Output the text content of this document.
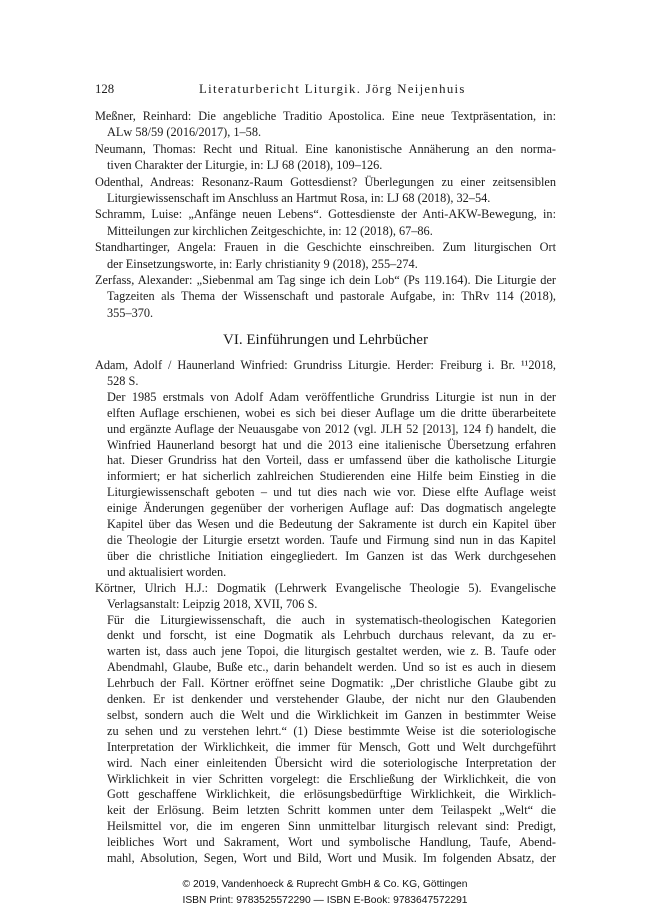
128	Literaturbericht Liturgik. Jörg Neijenhuis
Meßner, Reinhard: Die angebliche Traditio Apostolica. Eine neue Textpräsentation, in:
ALw 58/59 (2016/2017), 1–58.
Neumann, Thomas: Recht und Ritual. Eine kanonistische Annäherung an den norma-
tiven Charakter der Liturgie, in: LJ 68 (2018), 109–126.
Odenthal, Andreas: Resonanz-Raum Gottesdienst? Überlegungen zu einer zeitsensiblen
Liturgiewissenschaft im Anschluss an Hartmut Rosa, in: LJ 68 (2018), 32–54.
Schramm, Luise: „Anfänge neuen Lebens“. Gottesdienste der Anti-AKW-Bewegung, in:
Mitteilungen zur kirchlichen Zeitgeschichte, in: 12 (2018), 67–86.
Standhartinger, Angela: Frauen in die Geschichte einschreiben. Zum liturgischen Ort
der Einsetzungsworte, in: Early christianity 9 (2018), 255–274.
Zerfass, Alexander: „Siebenmal am Tag singe ich dein Lob“ (Ps 119.164). Die Liturgie der
Tagzeiten als Thema der Wissenschaft und pastorale Aufgabe, in: ThRv 114 (2018),
355–370.
VI. Einführungen und Lehrbücher
Adam, Adolf / Haunerland Winfried: Grundriss Liturgie. Herder: Freiburg i. Br. ¹¹2018,
528 S.
Der 1985 erstmals von Adolf Adam veröffentliche Grundriss Liturgie ist nun in der
elften Auflage erschienen, wobei es sich bei dieser Auflage um die dritte überarbeitete
und ergänzte Auflage der Neuausgabe von 2012 (vgl. JLH 52 [2013], 124 f) handelt, die
Winfried Haunerland besorgt hat und die 2013 eine italienische Übersetzung erfahren
hat. Dieser Grundriss hat den Vorteil, dass er umfassend über die katholische Liturgie
informiert; er hat sicherlich zahlreichen Studierenden eine Hilfe beim Einstieg in die
Liturgiewissenschaft geboten – und tut dies nach wie vor. Diese elfte Auflage weist
einige Änderungen gegenüber der vorherigen Auflage auf: Das dogmatisch angelegte
Kapitel über das Wesen und die Bedeutung der Sakramente ist durch ein Kapitel über
die Theologie der Liturgie ersetzt worden. Taufe und Firmung sind nun in das Kapitel
über die christliche Initiation eingegliedert. Im Ganzen ist das Werk durchgesehen
und aktualisiert worden.
Körtner, Ulrich H.J.: Dogmatik (Lehrwerk Evangelische Theologie 5). Evangelische
Verlagsanstalt: Leipzig 2018, XVII, 706 S.
Für die Liturgiewissenschaft, die auch in systematisch-theologischen Kategorien
denkt und forscht, ist eine Dogmatik als Lehrbuch durchaus relevant, da zu er-
warten ist, dass auch jene Topoi, die liturgisch gestaltet werden, wie z. B. Taufe oder
Abendmahl, Glaube, Buße etc., darin behandelt werden. Und so ist es auch in diesem
Lehrbuch der Fall. Körtner eröffnet seine Dogmatik: „Der christliche Glaube gibt zu
denken. Er ist denkender und verstehender Glaube, der nicht nur den Glaubenden
selbst, sondern auch die Welt und die Wirklichkeit im Ganzen in bestimmter Weise
zu sehen und zu verstehen lehrt.“ (1) Diese bestimmte Weise ist die soteriologische
Interpretation der Wirklichkeit, die immer für Mensch, Gott und Welt durchgeführt
wird. Nach einer einleitenden Übersicht wird die soteriologische Interpretation der
Wirklichkeit in vier Schritten vorgelegt: die Erschließung der Wirklichkeit, die von
Gott geschaffene Wirklichkeit, die erlösungsbedürftige Wirklichkeit, die Wirklich-
keit der Erlösung. Beim letzten Schritt kommen unter dem Teilaspekt „Welt“ die
Heilsmittel vor, die im engeren Sinn unmittelbar liturgisch relevant sind: Predigt,
leibliches Wort und Sakrament, Wort und symbolische Handlung, Taufe, Abend-
mahl, Absolution, Segen, Wort und Bild, Wort und Musik. Im folgenden Absatz, der
© 2019, Vandenhoeck & Ruprecht GmbH & Co. KG, Göttingen
ISBN Print: 9783525572290 — ISBN E-Book: 9783647572291
